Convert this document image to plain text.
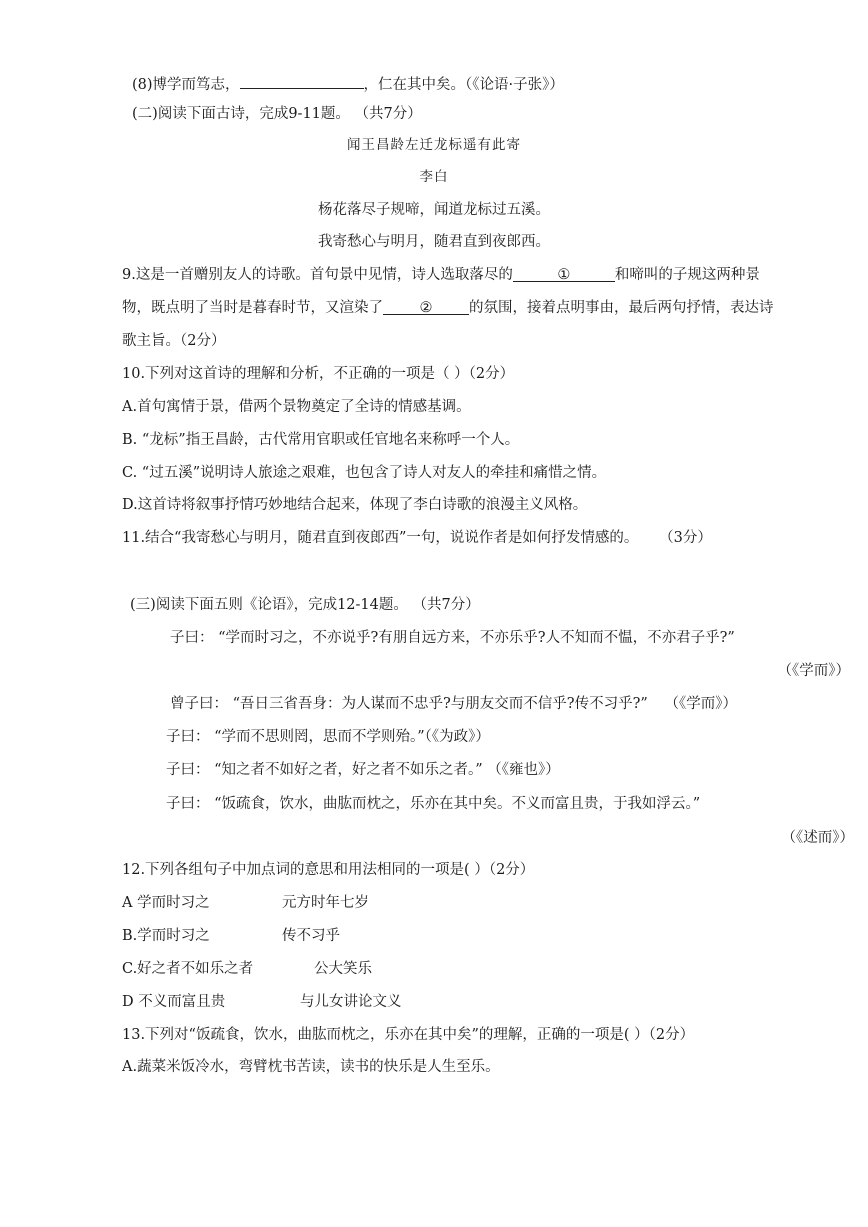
(8)博学而笃志，	，仁在其中矣。（《论语·子张》）
(二)阅读下面古诗，完成9-11题。 （共7分）
闻王昌龄左迁龙标遥有此寄
李白
杨花落尽子规啼，闻道龙标过五溪。
我寄愁心与明月，随君直到夜郎西。
9.这是一首赠别友人的诗歌。首句景中见情，诗人选取落尽的	①	和啼叫的子规这两种景
物，既点明了当时是暮春时节，又渲染了	②	的氛围，接着点明事由，最后两句抒情，表达诗
歌主旨。（2分）
10.下列对这首诗的理解和分析，不正确的一项是（ ）（2分）
A.首句寓情于景，借两个景物奠定了全诗的情感基调。
B. “龙标”指王昌龄，古代常用官职或任官地名来称呼一个人。
C. “过五溪”说明诗人旅途之艰难，也包含了诗人对友人的牵挂和痛惜之情。
D.这首诗将叙事抒情巧妙地结合起来，体现了李白诗歌的浪漫主义风格。
11.结合“我寄愁心与明月，随君直到夜郎西”一句，说说作者是如何抒发情感的。 （3分）
(三)阅读下面五则《论语》，完成12-14题。 （共7分）
子曰： “学而时习之，不亦说乎?有朋自远方来，不亦乐乎?人不知而不愠，不亦君子乎?”
（《学而》）
曾子曰： “吾日三省吾身：为人谋而不忠乎?与朋友交而不信乎?传不习乎?” （《学而》）
子曰： “学而不思则罔，思而不学则殆。”（《为政》）
子曰： “知之者不如好之者，好之者不如乐之者。” （《雍也》）
子曰： “饭疏食，饮水，曲肱而枕之，乐亦在其中矣。不义而富且贵，于我如浮云。”
（《述而》）
12.下列各组句子中加点词的意思和用法相同的一项是( ）（2分）
A 学而时习之	元方时年七岁
B.学而时习之	传不习乎
C.好之者不如乐之者	公大笑乐
D 不义而富且贵	与儿女讲论文义
13.下列对“饭疏食，饮水，曲肱而枕之，乐亦在其中矣”的理解，正确的一项是( ）（2分）
A.蔬菜米饭冷水，弯臂枕书苦读，读书的快乐是人生至乐。
